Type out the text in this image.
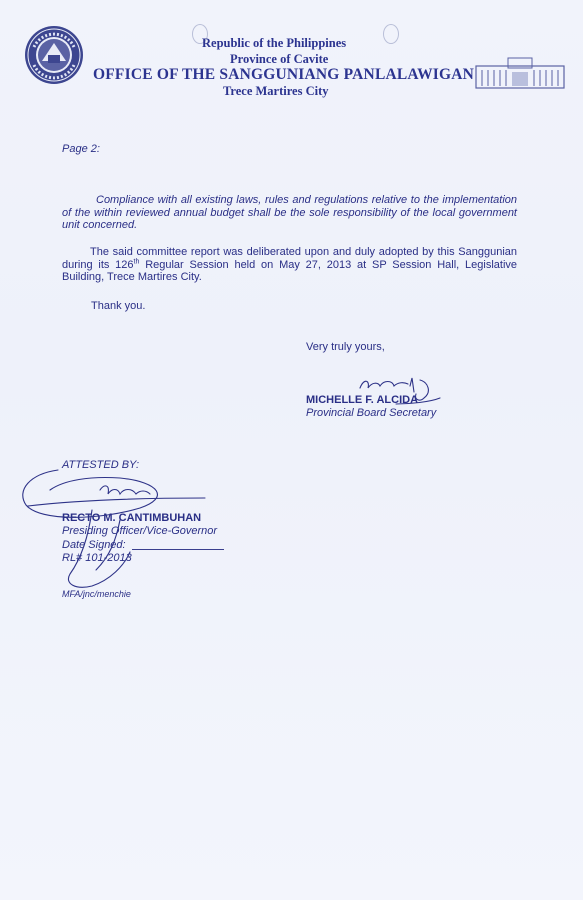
Republic of the Philippines
Province of Cavite
OFFICE OF THE SANGGUNIANG PANLALAWIGAN
Trece Martires City
Page 2:
Compliance with all existing laws, rules and regulations relative to the implementation of the within reviewed annual budget shall be the sole responsibility of the local government unit concerned.
The said committee report was deliberated upon and duly adopted by this Sanggunian during its 126th Regular Session held on May 27, 2013 at SP Session Hall, Legislative Building, Trece Martires City.
Thank you.
Very truly yours,
MICHELLE F. ALCIDA
Provincial Board Secretary
ATTESTED BY:
RECTO M. CANTIMBUHAN
Presiding Officer/Vice-Governor
Date Signed:
RL# 101-2013
MFA/jnc/menchie
